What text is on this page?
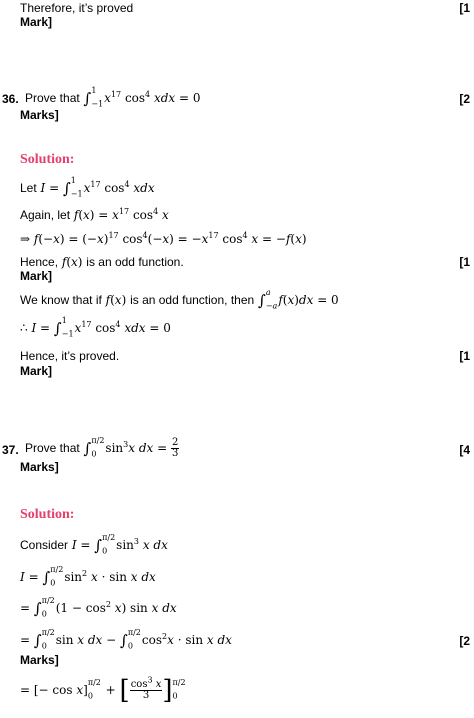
Therefore, it’s proved	[1
Mark]
36. Prove that ∫$^1$
$_{-1}x^{17}$ $\cos^4$ xdx = 0	[2
Marks]
Solution:
Let I = ∫$^1$
$_{-1}x^{17}$ $\cos^4$ xdx
Again, let $f(x) = x^{17}$ $\cos^4 x$
⇒ $f(-x) = (-x)^{17}$ $\cos^4(-x) = -x^{17}$ $\cos^4 x = -f(x)$
Hence, f(x) is an odd function.	[1
Mark]
We know that if f(x) is an odd function, then ∫$^a$
$_{-a}$f(x)dx = 0
∴ I = ∫$^1$
$_{-1}x^{17}$ $\cos^4$ xdx = 0
Hence, it’s proved.	[1
Mark]
37. Prove that ∫$^{\pi/2}$
$_0$ $\sin^3x$ dx = $\frac{2}{3}$	[4
Marks]
Solution:
Consider I = ∫$^{\pi/2}$
$_0$ $\sin^3 x$ dx
I = ∫$^{\pi/2}$
$_0$ $\sin^2 x \cdot \sin x$ dx
= ∫$^{\pi/2}$
$_0$ $(1 - \cos^2 x)$ sin x dx
= ∫$^{\pi/2}$
$_0$ sin x dx − ∫$^{\pi/2}$
$_0$ $\cos^2x \cdot \sin x$ dx	[2
Marks]
= [− cos x]$^{\pi/2}$
$_0$ + [ $\frac{\cos^3 x}{3} ]^{\pi/2}$
$_0$
